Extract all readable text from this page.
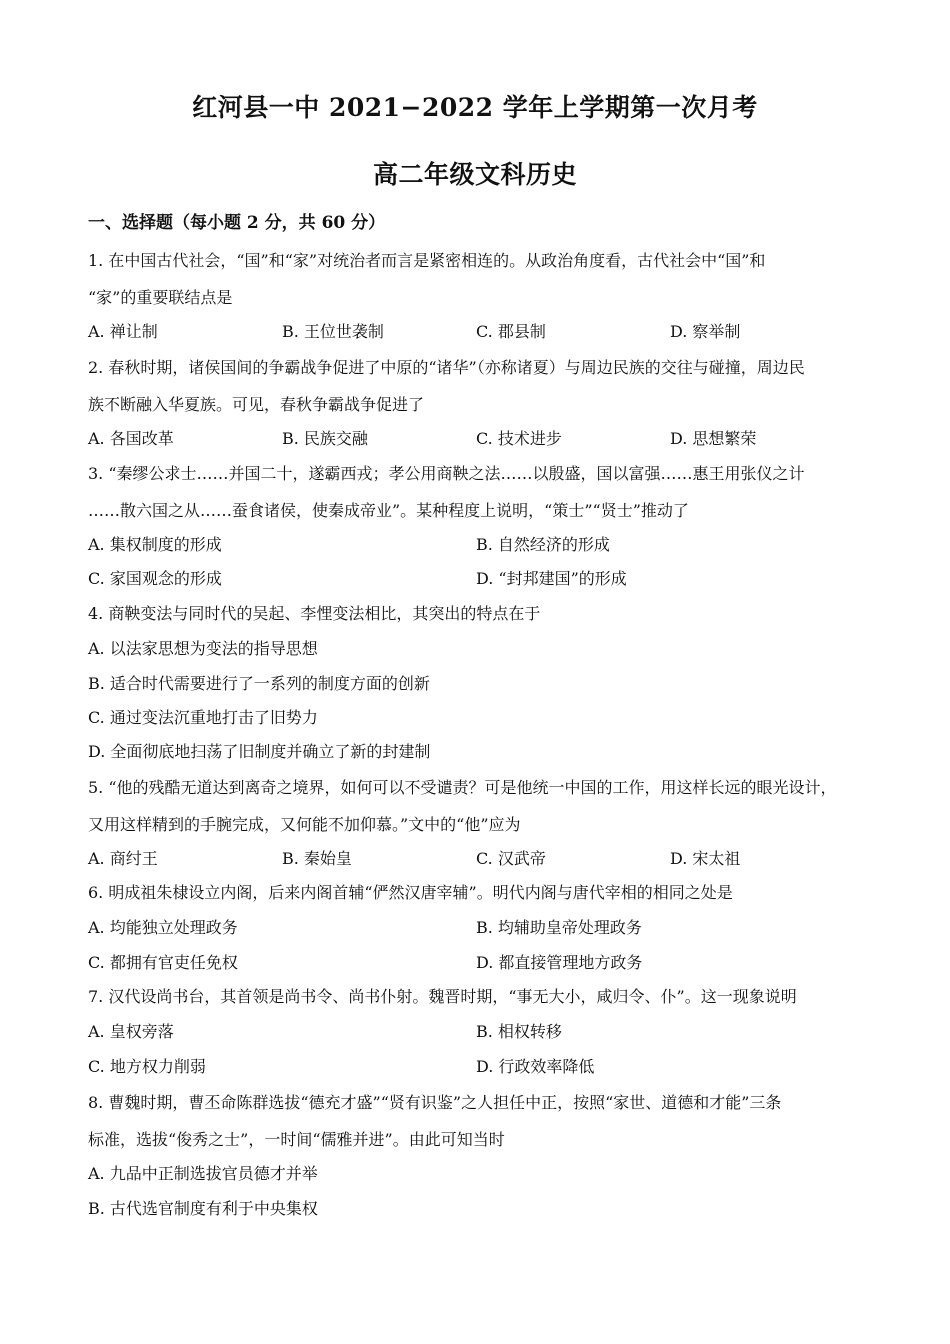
红河县一中 2021−2022 学年上学期第一次月考
高二年级文科历史
一、选择题（每小题 2 分，共 60 分）
1. 在中国古代社会，“国”和“家”对统治者而言是紧密相连的。从政治角度看，古代社会中“国”和
“家”的重要联结点是
A. 禅让制	B. 王位世袭制	C. 郡县制	D. 察举制
2. 春秋时期，诸侯国间的争霸战争促进了中原的“诸华”（亦称诸夏）与周边民族的交往与碰撞，周边民
族不断融入华夏族。可见，春秋争霸战争促进了
A. 各国改革	B. 民族交融	C. 技术进步	D. 思想繁荣
3. “秦缪公求士……并国二十，遂霸西戎；孝公用商鞅之法……以殷盛，国以富强……惠王用张仪之计
……散六国之从……蚕食诸侯，使秦成帝业”。某种程度上说明，“策士”“贤士”推动了
A. 集权制度的形成	B. 自然经济的形成
C. 家国观念的形成	D. “封邦建国”的形成
4. 商鞅变法与同时代的吴起、李悝变法相比，其突出的特点在于
A. 以法家思想为变法的指导思想
B. 适合时代需要进行了一系列的制度方面的创新
C. 通过变法沉重地打击了旧势力
D. 全面彻底地扫荡了旧制度并确立了新的封建制
5. “他的残酷无道达到离奇之境界，如何可以不受谴责？可是他统一中国的工作，用这样长远的眼光设计，
又用这样精到的手腕完成，又何能不加仰慕。”文中的“他”应为
A. 商纣王	B. 秦始皇	C. 汉武帝	D. 宋太祖
6. 明成祖朱棣设立内阁，后来内阁首辅“俨然汉唐宰辅”。明代内阁与唐代宰相的相同之处是
A. 均能独立处理政务	B. 均辅助皇帝处理政务
C. 都拥有官吏任免权	D. 都直接管理地方政务
7. 汉代设尚书台，其首领是尚书令、尚书仆射。魏晋时期，“事无大小，咸归令、仆”。这一现象说明
A. 皇权旁落	B. 相权转移
C. 地方权力削弱	D. 行政效率降低
8. 曹魏时期，曹丕命陈群选拔“德充才盛”“贤有识鉴”之人担任中正，按照“家世、道德和才能”三条
标准，选拔“俊秀之士”，一时间“儒雅并进”。由此可知当时
A. 九品中正制选拔官员德才并举
B. 古代选官制度有利于中央集权
